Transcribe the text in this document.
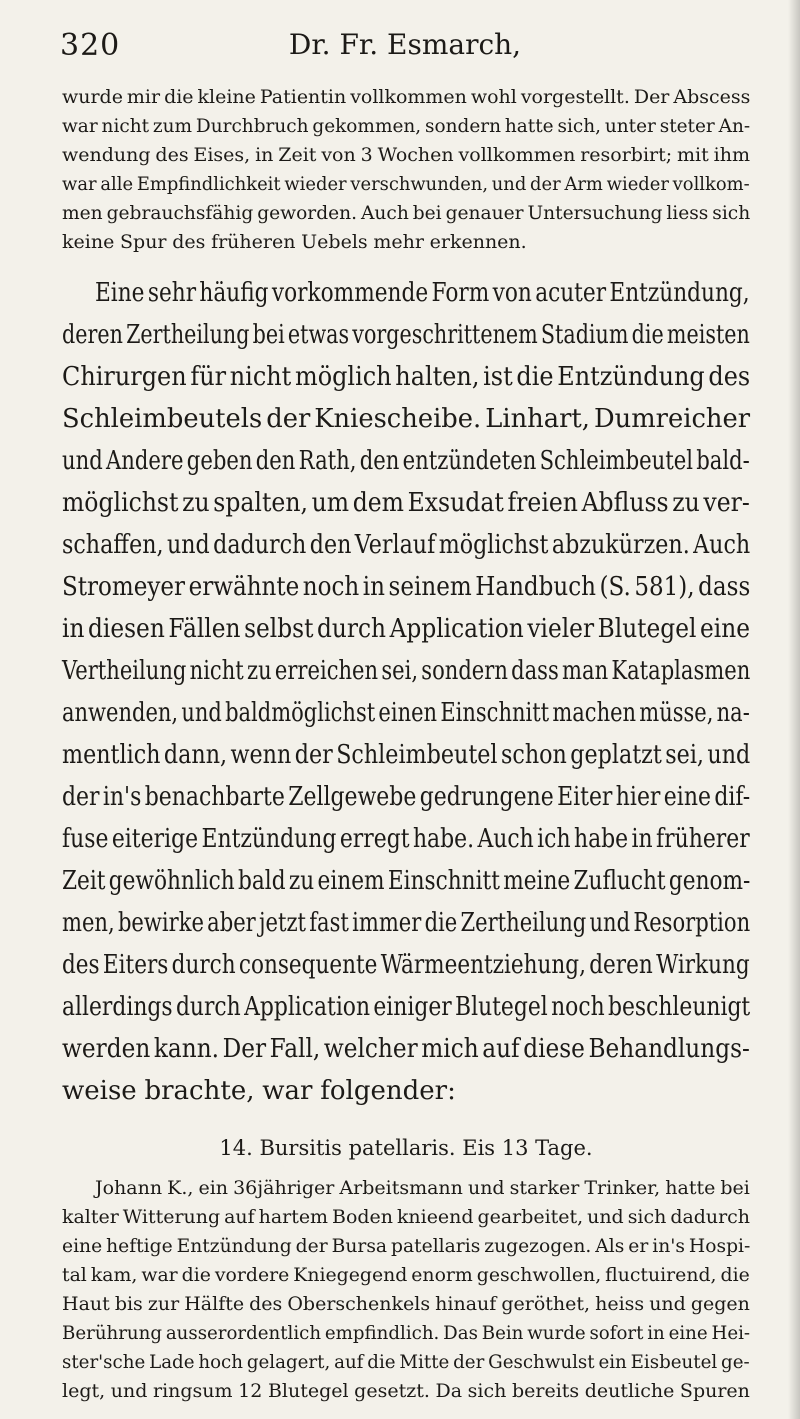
320	Dr. Fr. Esmarch,
wurde mir die kleine Patientin vollkommen wohl vorgestellt. Der Abscess
war nicht zum Durchbruch gekommen, sondern hatte sich, unter steter An-
wendung des Eises, in Zeit von 3 Wochen vollkommen resorbirt; mit ihm
war alle Empfindlichkeit wieder verschwunden, und der Arm wieder vollkom-
men gebrauchsfähig geworden. Auch bei genauer Untersuchung liess sich
keine Spur des früheren Uebels mehr erkennen.
Eine sehr häufig vorkommende Form von acuter Entzündung,
deren Zertheilung bei etwas vorgeschrittenem Stadium die meisten
Chirurgen für nicht möglich halten, ist die Entzündung des
Schleimbeutels der Kniescheibe. Linhart, Dumreicher
und Andere geben den Rath, den entzündeten Schleimbeutel bald-
möglichst zu spalten, um dem Exsudat freien Abfluss zu ver-
schaffen, und dadurch den Verlauf möglichst abzukürzen. Auch
Stromeyer erwähnte noch in seinem Handbuch (S. 581), dass
in diesen Fällen selbst durch Application vieler Blutegel eine
Vertheilung nicht zu erreichen sei, sondern dass man Kataplasmen
anwenden, und baldmöglichst einen Einschnitt machen müsse, na-
mentlich dann, wenn der Schleimbeutel schon geplatzt sei, und
der in's benachbarte Zellgewebe gedrungene Eiter hier eine dif-
fuse eiterige Entzündung erregt habe. Auch ich habe in früherer
Zeit gewöhnlich bald zu einem Einschnitt meine Zuflucht genom-
men, bewirke aber jetzt fast immer die Zertheilung und Resorption
des Eiters durch consequente Wärmeentziehung, deren Wirkung
allerdings durch Application einiger Blutegel noch beschleunigt
werden kann. Der Fall, welcher mich auf diese Behandlungs-
weise brachte, war folgender:
14. Bursitis patellaris. Eis 13 Tage.
Johann K., ein 36jähriger Arbeitsmann und starker Trinker, hatte bei
kalter Witterung auf hartem Boden knieend gearbeitet, und sich dadurch
eine heftige Entzündung der Bursa patellaris zugezogen. Als er in's Hospi-
tal kam, war die vordere Kniegegend enorm geschwollen, fluctuirend, die
Haut bis zur Hälfte des Oberschenkels hinauf geröthet, heiss und gegen
Berührung ausserordentlich empfindlich. Das Bein wurde sofort in eine Hei-
ster'sche Lade hoch gelagert, auf die Mitte der Geschwulst ein Eisbeutel ge-
legt, und ringsum 12 Blutegel gesetzt. Da sich bereits deutliche Spuren
